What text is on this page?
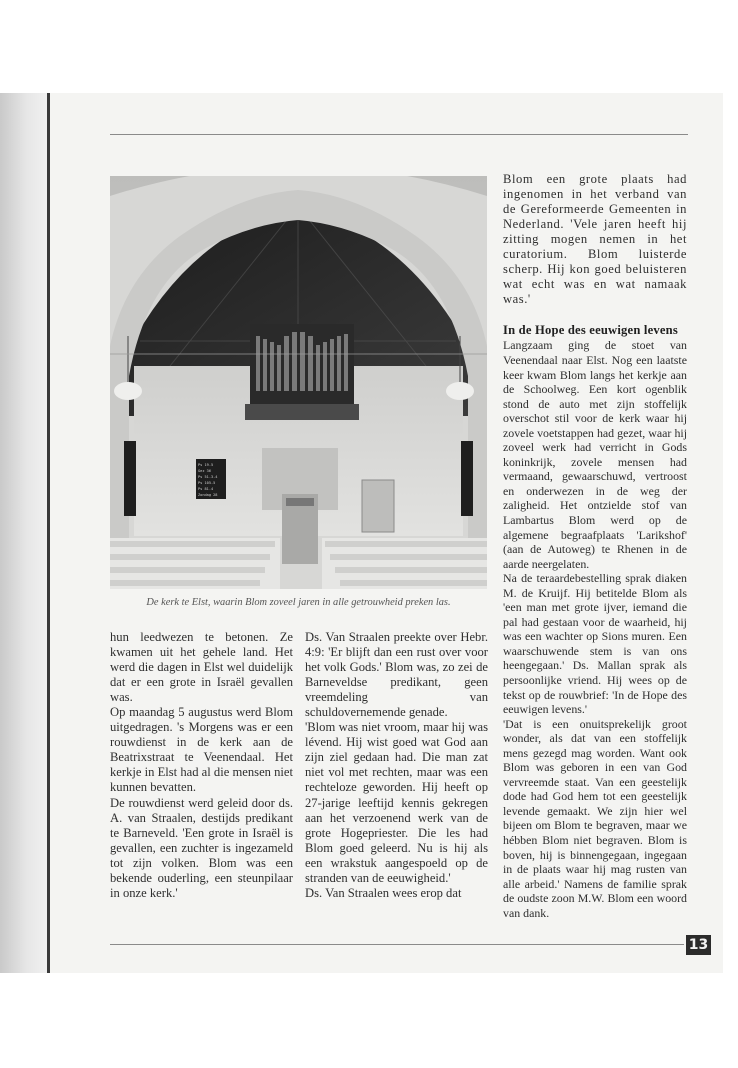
Ps 19-5
Gez 36
Ps 51-3-4
Ps 105-5
Ps 81-4
Zondag 28
De kerk te Elst, waarin Blom zoveel jaren in alle getrouwheid preken las.

hun leedwezen te betonen. Ze kwamen uit het gehele land. Het werd die dagen in Elst wel duidelijk dat er een grote in Israël gevallen was.

Op maandag 5 augustus werd Blom uitgedragen. 's Morgens was er een rouwdienst in de kerk aan de Beatrixstraat te Veenendaal. Het kerkje in Elst had al die mensen niet kunnen bevatten.

De rouwdienst werd geleid door ds. A. van Straalen, destijds predikant te Barneveld. 'Een grote in Israël is gevallen, een zuchter is ingezameld tot zijn volken. Blom was een bekende ouderling, een steunpilaar in onze kerk.'

Ds. Van Straalen preekte over Hebr. 4:9: 'Er blijft dan een rust over voor het volk Gods.' Blom was, zo zei de Barneveldse predikant, geen vreemdeling van schuldovernemende genade.

'Blom was niet vroom, maar hij was lévend. Hij wist goed wat God aan zijn ziel gedaan had. Die man zat niet vol met rechten, maar was een rechteloze geworden. Hij heeft op 27-jarige leeftijd kennis gekregen aan het verzoenend werk van de grote Hogepriester. Die les had Blom goed geleerd. Nu is hij als een wrakstuk aangespoeld op de stranden van de eeuwigheid.'

Ds. Van Straalen wees erop dat

Blom een grote plaats had ingenomen in het verband van de Gereformeerde Gemeenten in Nederland. 'Vele jaren heeft hij zitting mogen nemen in het curatorium. Blom luisterde scherp. Hij kon goed beluisteren wat echt was en wat namaak was.'

In de Hope des eeuwigen levens

Langzaam ging de stoet van Veenendaal naar Elst. Nog een laatste keer kwam Blom langs het kerkje aan de Schoolweg. Een kort ogenblik stond de auto met zijn stoffelijk overschot stil voor de kerk waar hij zovele voetstappen had gezet, waar hij zoveel werk had verricht in Gods koninkrijk, zovele mensen had vermaand, gewaarschuwd, vertroost en onderwezen in de weg der zaligheid. Het ontzielde stof van Lambartus Blom werd op de algemene begraafplaats 'Larikshof' (aan de Autoweg) te Rhenen in de aarde neergelaten.

Na de teraardebestelling sprak diaken M. de Kruijf. Hij betitelde Blom als 'een man met grote ijver, iemand die pal had gestaan voor de waarheid, hij was een wachter op Sions muren. Een waarschuwende stem is van ons heengegaan.' Ds. Mallan sprak als persoonlijke vriend. Hij wees op de tekst op de rouwbrief: 'In de Hope des eeuwigen levens.'

'Dat is een onuitsprekelijk groot wonder, als dat van een stoffelijk mens gezegd mag worden. Want ook Blom was geboren in een van God vervreemde staat. Van een geestelijk dode had God hem tot een geestelijk levende gemaakt. We zijn hier wel bijeen om Blom te begraven, maar we hébben Blom niet begraven. Blom is boven, hij is binnengegaan, ingegaan in de plaats waar hij mag rusten van alle arbeid.' Namens de familie sprak de oudste zoon M.W. Blom een woord van dank.

13
